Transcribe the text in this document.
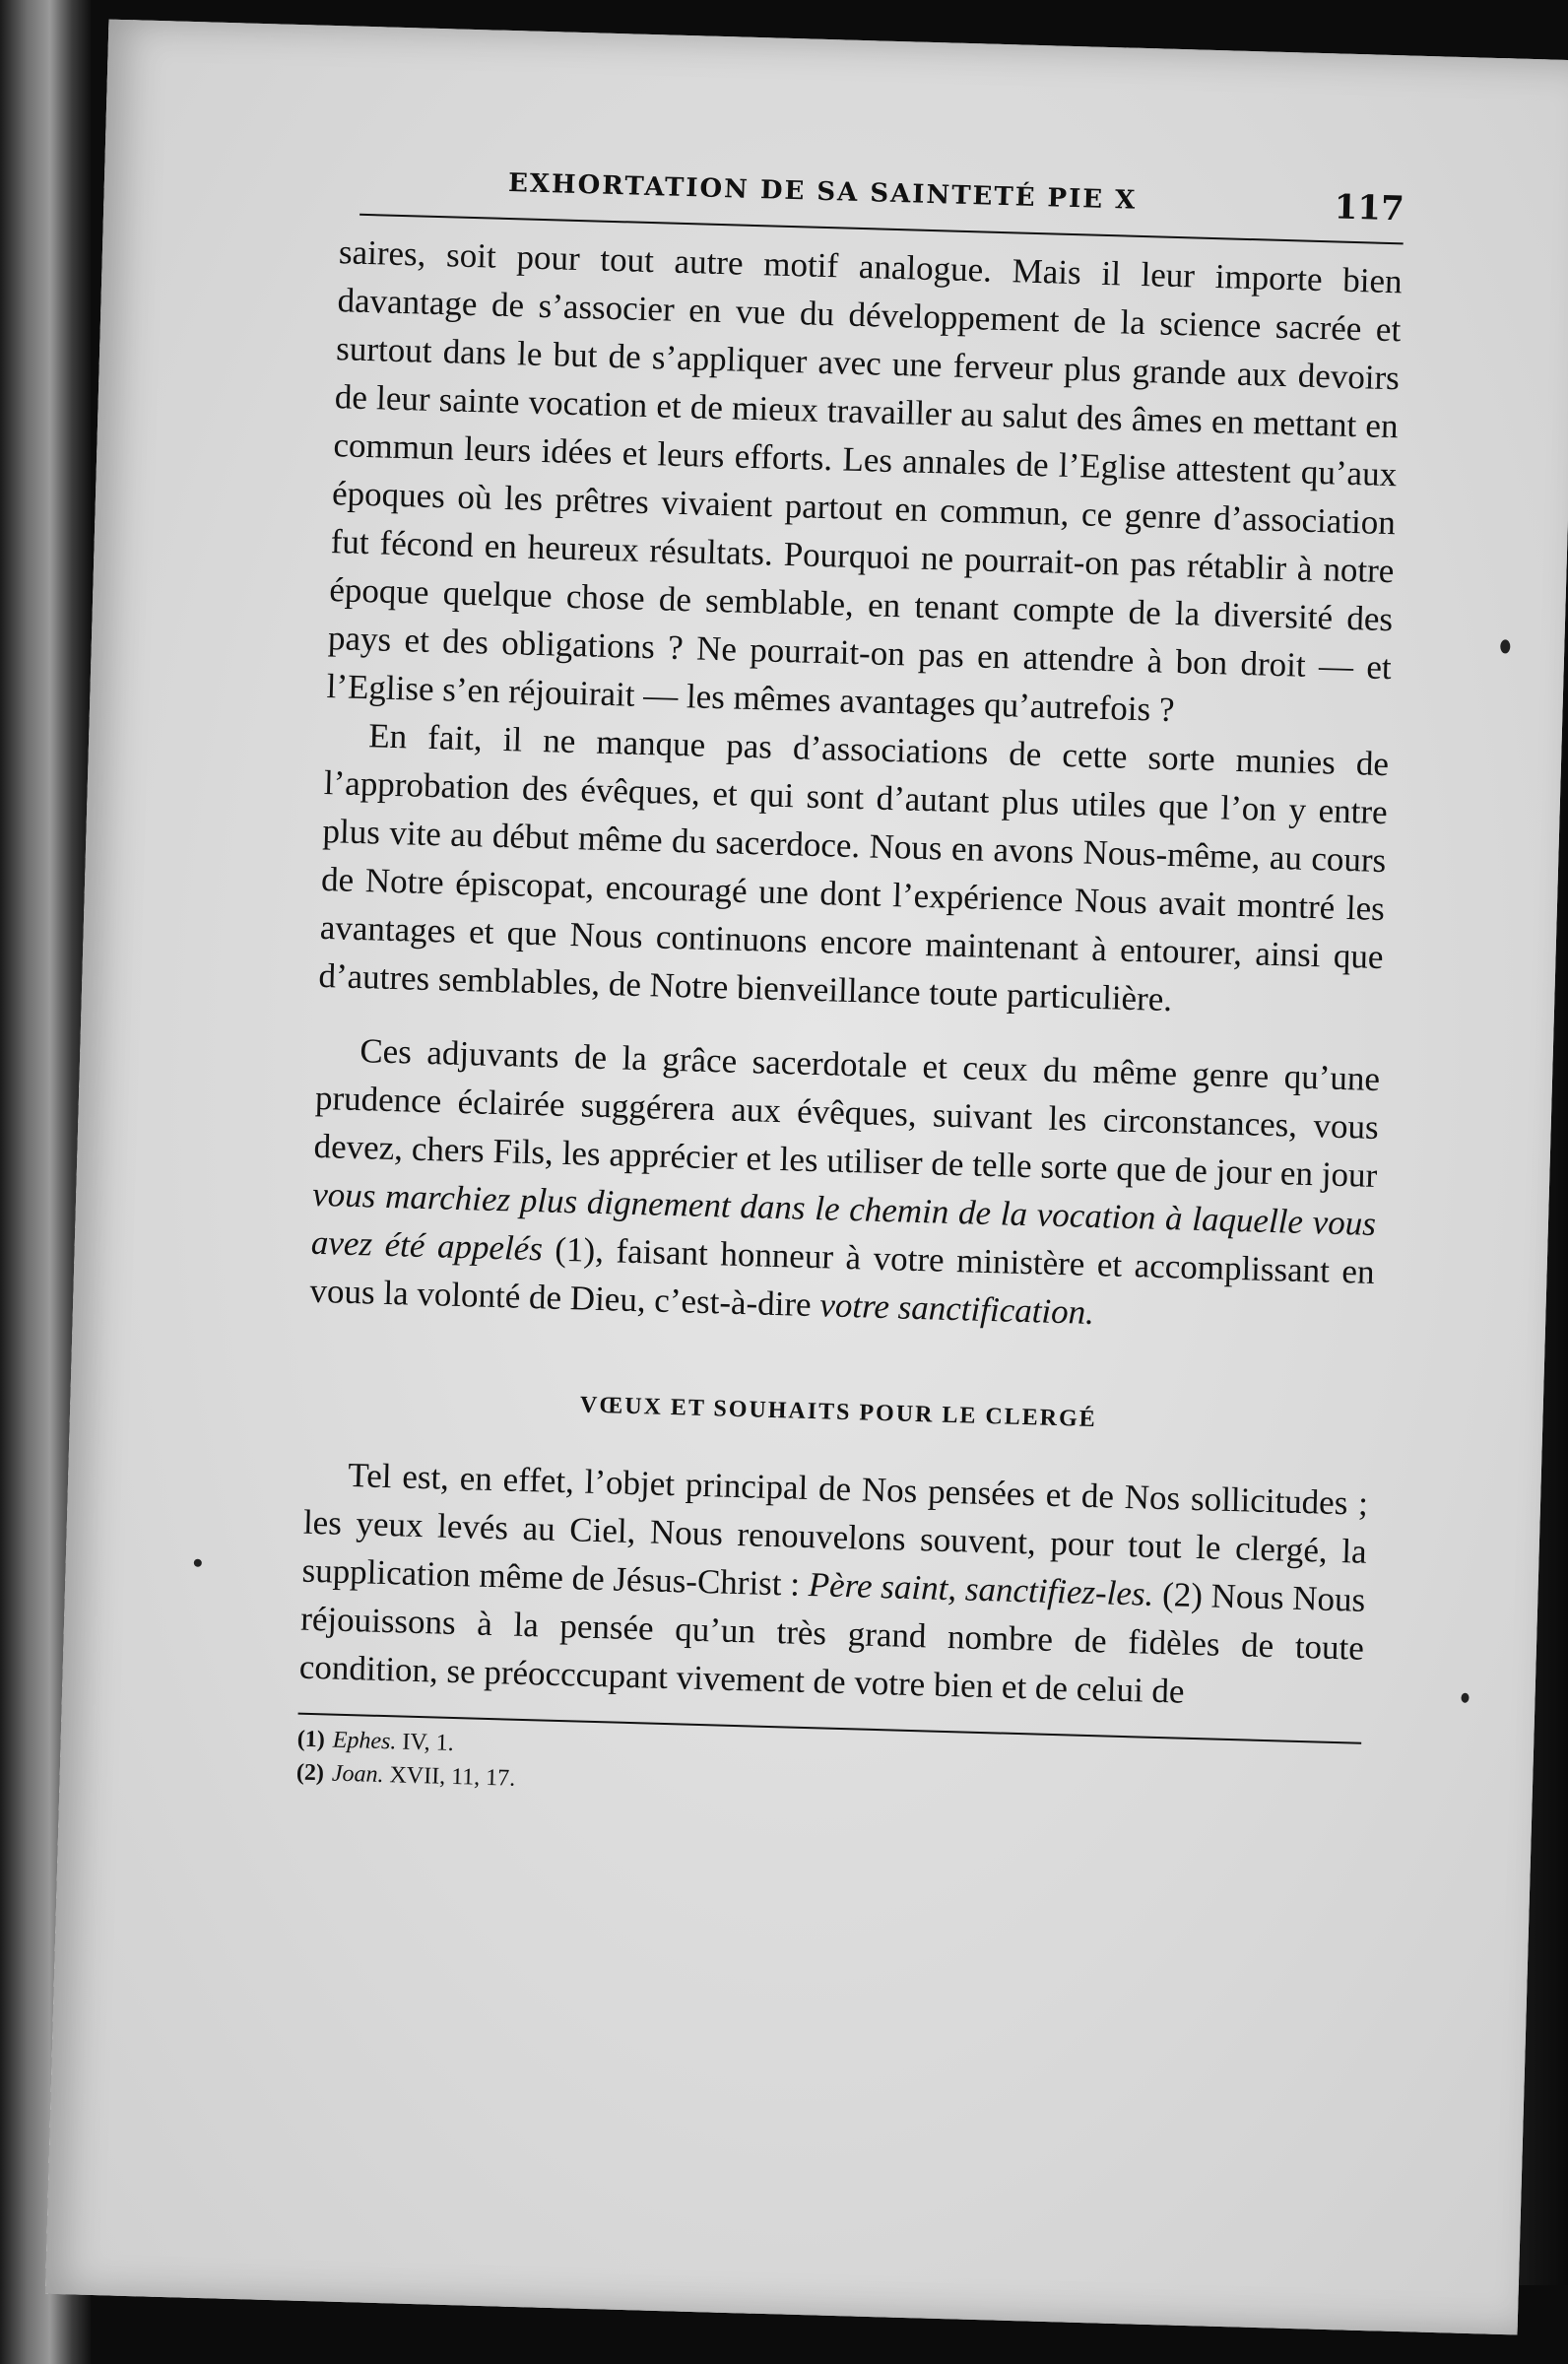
EXHORTATION DE SA SAINTETÉ PIE X	117

saires, soit pour tout autre motif analogue. Mais il leur importe bien davantage de s’associer en vue du développement de la science sacrée et surtout dans le but de s’appliquer avec une ferveur plus grande aux devoirs de leur sainte vocation et de mieux travailler au salut des âmes en mettant en commun leurs idées et leurs efforts. Les annales de l’Eglise attestent qu’aux époques où les prêtres vivaient partout en commun, ce genre d’association fut fécond en heureux résultats. Pourquoi ne pourrait-on pas rétablir à notre époque quelque chose de semblable, en tenant compte de la diversité des pays et des obligations ? Ne pourrait-on pas en attendre à bon droit — et l’Eglise s’en réjouirait — les mêmes avantages qu’autrefois ?

En fait, il ne manque pas d’associations de cette sorte munies de l’approbation des évêques, et qui sont d’autant plus utiles que l’on y entre plus vite au début même du sacerdoce. Nous en avons Nous-même, au cours de Notre épiscopat, encouragé une dont l’expérience Nous avait montré les avantages et que Nous continuons encore maintenant à entourer, ainsi que d’autres semblables, de Notre bienveillance toute particulière.

Ces adjuvants de la grâce sacerdotale et ceux du même genre qu’une prudence éclairée suggérera aux évêques, suivant les circonstances, vous devez, chers Fils, les apprécier et les utiliser de telle sorte que de jour en jour vous marchiez plus dignement dans le chemin de la vocation à laquelle vous avez été appelés (1), faisant honneur à votre ministère et accomplissant en vous la volonté de Dieu, c’est-à-dire votre sanctification.

VŒUX ET SOUHAITS POUR LE CLERGÉ

Tel est, en effet, l’objet principal de Nos pensées et de Nos sollicitudes ; les yeux levés au Ciel, Nous renouvelons souvent, pour tout le clergé, la supplication même de Jésus-Christ : Père saint, sanctifiez-les. (2) Nous Nous réjouissons à la pensée qu’un très grand nombre de fidèles de toute condition, se préocccupant vivement de votre bien et de celui de

(1) Ephes. IV, 1.
(2) Joan. XVII, 11, 17.
